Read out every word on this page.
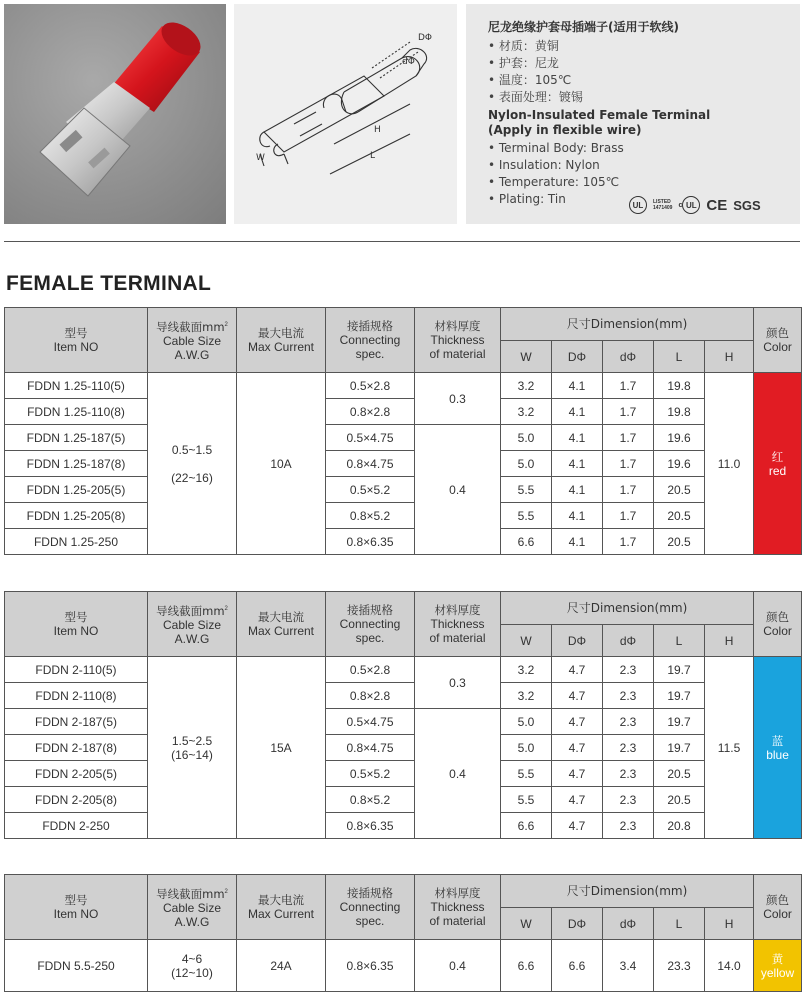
DΦ
dΦ
H
L
W
尼龙绝缘护套母插端子(适用于软线)
• 材质：黄铜
• 护套：尼龙
• 温度：105℃
• 表面处理：镀锡
Nylon-Insulated Female Terminal (Apply in flexible wire)
• Terminal Body: Brass
• Insulation: Nylon
• Temperature: 105℃
• Plating: Tin	UL	LISTED
1471409 c UL CE SGS
FEMALE TERMINAL
型号
Item NO	导线截面$mm^2$
Cable Size
A.W.G	最大电流
Max Current	接插规格
Connecting
spec.	材料厚度
Thickness
of material	尺寸Dimension(mm)					颜色
Color
					W	DΦ	dΦ	L	H	
FDDN 1.25-110(5)	0.5~1.5

(22~16)	10A	0.5×2.8	0.3	3.2	4.1	1.7	19.8	11.0	红
red
FDDN 1.25-110(8)			0.8×2.8		3.2	4.1	1.7	19.8		
FDDN 1.25-187(5)			0.5×4.75	0.4	5.0	4.1	1.7	19.6		
FDDN 1.25-187(8)			0.8×4.75		5.0	4.1	1.7	19.6		
FDDN 1.25-205(5)			0.5×5.2		5.5	4.1	1.7	20.5		
FDDN 1.25-205(8)			0.8×5.2		5.5	4.1	1.7	20.5		
FDDN 1.25-250			0.8×6.35		6.6	4.1	1.7	20.5		
型号
Item NO	导线截面$mm^2$
Cable Size
A.W.G	最大电流
Max Current	接插规格
Connecting
spec.	材料厚度
Thickness
of material	尺寸Dimension(mm)					颜色
Color
					W	DΦ	dΦ	L	H	
FDDN 2-110(5)	1.5~2.5
(16~14)	15A	0.5×2.8	0.3	3.2	4.7	2.3	19.7	11.5	蓝
blue
FDDN 2-110(8)			0.8×2.8		3.2	4.7	2.3	19.7		
FDDN 2-187(5)			0.5×4.75	0.4	5.0	4.7	2.3	19.7		
FDDN 2-187(8)			0.8×4.75		5.0	4.7	2.3	19.7		
FDDN 2-205(5)			0.5×5.2		5.5	4.7	2.3	20.5		
FDDN 2-205(8)			0.8×5.2		5.5	4.7	2.3	20.5		
FDDN 2-250			0.8×6.35		6.6	4.7	2.3	20.8		
型号
Item NO	导线截面$mm^2$
Cable Size
A.W.G	最大电流
Max Current	接插规格
Connecting
spec.	材料厚度
Thickness
of material	尺寸Dimension(mm)					颜色
Color
					W	DΦ	dΦ	L	H	
FDDN 5.5-250	4~6
(12~10)	24A	0.8×6.35	0.4	6.6	6.6	3.4	23.3	14.0	黄
yellow
